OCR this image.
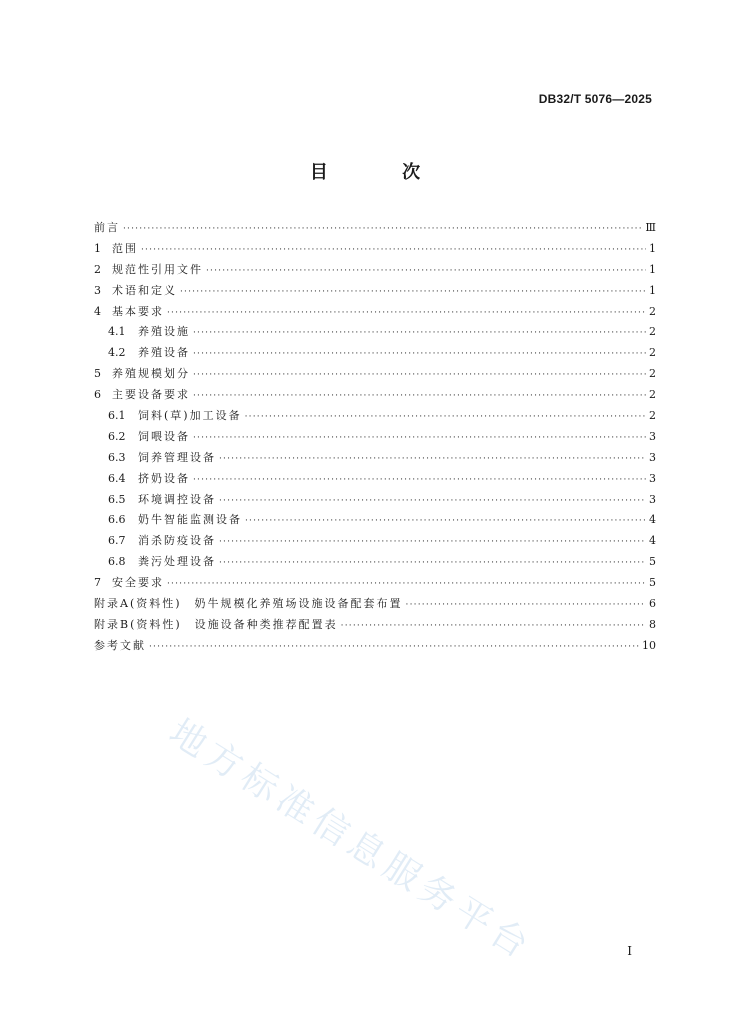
DB32/T 5076—2025
目 次
前言 ·····	Ⅲ
1	范围 ·····	1
2	规范性引用文件 ·····	1
3	术语和定义 ·····	1
4	基本要求 ·····	2
4.1	养殖设施 ·····	2
4.2	养殖设备 ·····	2
5	养殖规模划分 ·····	2
6	主要设备要求 ·····	2
6.1	饲料(草)加工设备 ·····	2
6.2	饲喂设备 ·····	3
6.3	饲养管理设备 ·····	3
6.4	挤奶设备 ·····	3
6.5	环境调控设备 ·····	3
6.6	奶牛智能监测设备 ·····	4
6.7	消杀防疫设备 ·····	4
6.8	粪污处理设备 ·····	5
7	安全要求 ·····	5
附录A(资料性)　奶牛规模化养殖场设施设备配套布置 ·····	6
附录B(资料性)　设施设备种类推荐配置表 ·····	8
参考文献 ·····	10
地方标准信息服务平台	I
